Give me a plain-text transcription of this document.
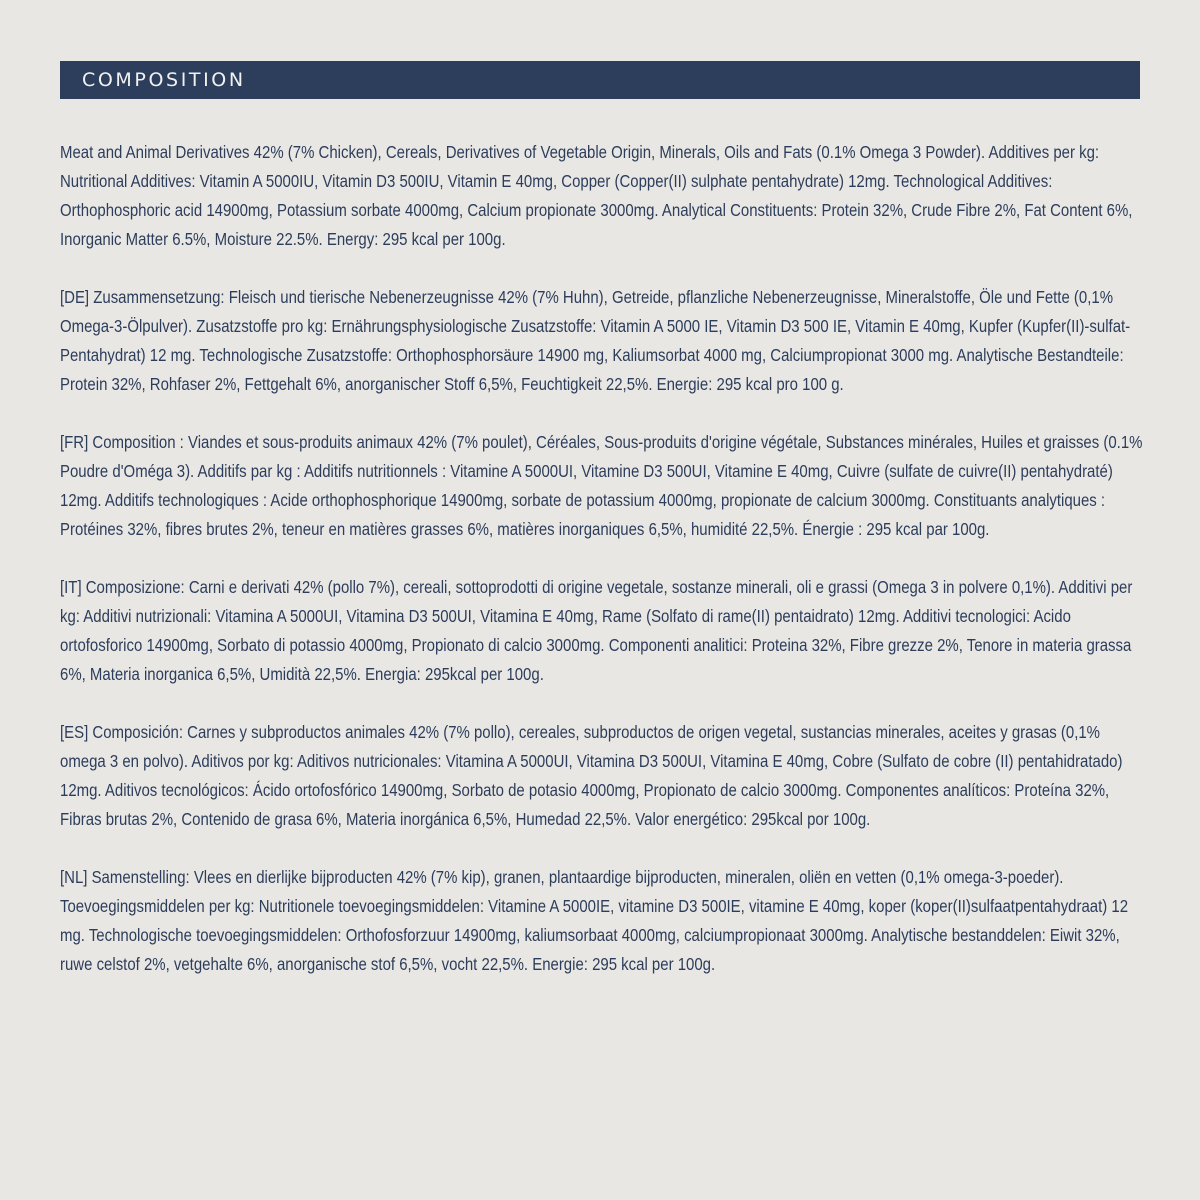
COMPOSITION

Meat and Animal Derivatives 42% (7% Chicken), Cereals, Derivatives of Vegetable Origin, Minerals, Oils and Fats (0.1% Omega 3 Powder). Additives per kg: Nutritional Additives: Vitamin A 5000IU, Vitamin D3 500IU, Vitamin E 40mg, Copper (Copper(II) sulphate pentahydrate) 12mg. Technological Additives: Orthophosphoric acid 14900mg, Potassium sorbate 4000mg, Calcium propionate 3000mg. Analytical Constituents: Protein 32%, Crude Fibre 2%, Fat Content 6%, Inorganic Matter 6.5%, Moisture 22.5%. Energy: 295 kcal per 100g.

[DE] Zusammensetzung: Fleisch und tierische Nebenerzeugnisse 42% (7% Huhn), Getreide, pflanzliche Nebenerzeugnisse, Mineralstoffe, Öle und Fette (0,1% Omega-3-Ölpulver). Zusatzstoffe pro kg: Ernährungsphysiologische Zusatzstoffe: Vitamin A 5000 IE, Vitamin D3 500 IE, Vitamin E 40mg, Kupfer (Kupfer(II)-sulfat-Pentahydrat) 12 mg. Technologische Zusatzstoffe: Orthophosphorsäure 14900 mg, Kaliumsorbat 4000 mg, Calciumpropionat 3000 mg. Analytische Bestandteile: Protein 32%, Rohfaser 2%, Fettgehalt 6%, anorganischer Stoff 6,5%, Feuchtigkeit 22,5%. Energie: 295 kcal pro 100 g.

[FR] Composition : Viandes et sous-produits animaux 42% (7% poulet), Céréales, Sous-produits d'origine végétale, Substances minérales, Huiles et graisses (0.1% Poudre d'Oméga 3). Additifs par kg : Additifs nutritionnels : Vitamine A 5000UI, Vitamine D3 500UI, Vitamine E 40mg, Cuivre (sulfate de cuivre(II) pentahydraté) 12mg. Additifs technologiques : Acide orthophosphorique 14900mg, sorbate de potassium 4000mg, propionate de calcium 3000mg. Constituants analytiques : Protéines 32%, fibres brutes 2%, teneur en matières grasses 6%, matières inorganiques 6,5%, humidité 22,5%. Énergie : 295 kcal par 100g.

[IT] Composizione: Carni e derivati 42% (pollo 7%), cereali, sottoprodotti di origine vegetale, sostanze minerali, oli e grassi (Omega 3 in polvere 0,1%). Additivi per kg: Additivi nutrizionali: Vitamina A 5000UI, Vitamina D3 500UI, Vitamina E 40mg, Rame (Solfato di rame(II) pentaidrato) 12mg. Additivi tecnologici: Acido ortofosforico 14900mg, Sorbato di potassio 4000mg, Propionato di calcio 3000mg. Componenti analitici: Proteina 32%, Fibre grezze 2%, Tenore in materia grassa 6%, Materia inorganica 6,5%, Umidità 22,5%. Energia: 295kcal per 100g.

[ES] Composición: Carnes y subproductos animales 42% (7% pollo), cereales, subproductos de origen vegetal, sustancias minerales, aceites y grasas (0,1% omega 3 en polvo). Aditivos por kg: Aditivos nutricionales: Vitamina A 5000UI, Vitamina D3 500UI, Vitamina E 40mg, Cobre (Sulfato de cobre (II) pentahidratado) 12mg. Aditivos tecnológicos: Ácido ortofosfórico 14900mg, Sorbato de potasio 4000mg, Propionato de calcio 3000mg. Componentes analíticos: Proteína 32%, Fibras brutas 2%, Contenido de grasa 6%, Materia inorgánica 6,5%, Humedad 22,5%. Valor energético: 295kcal por 100g.

[NL] Samenstelling: Vlees en dierlijke bijproducten 42% (7% kip), granen, plantaardige bijproducten, mineralen, oliën en vetten (0,1% omega-3-poeder). Toevoegingsmiddelen per kg: Nutritionele toevoegingsmiddelen: Vitamine A 5000IE, vitamine D3 500IE, vitamine E 40mg, koper (koper(II)sulfaatpentahydraat) 12 mg. Technologische toevoegingsmiddelen: Orthofosforzuur 14900mg, kaliumsorbaat 4000mg, calciumpropionaat 3000mg. Analytische bestanddelen: Eiwit 32%, ruwe celstof 2%, vetgehalte 6%, anorganische stof 6,5%, vocht 22,5%. Energie: 295 kcal per 100g.
